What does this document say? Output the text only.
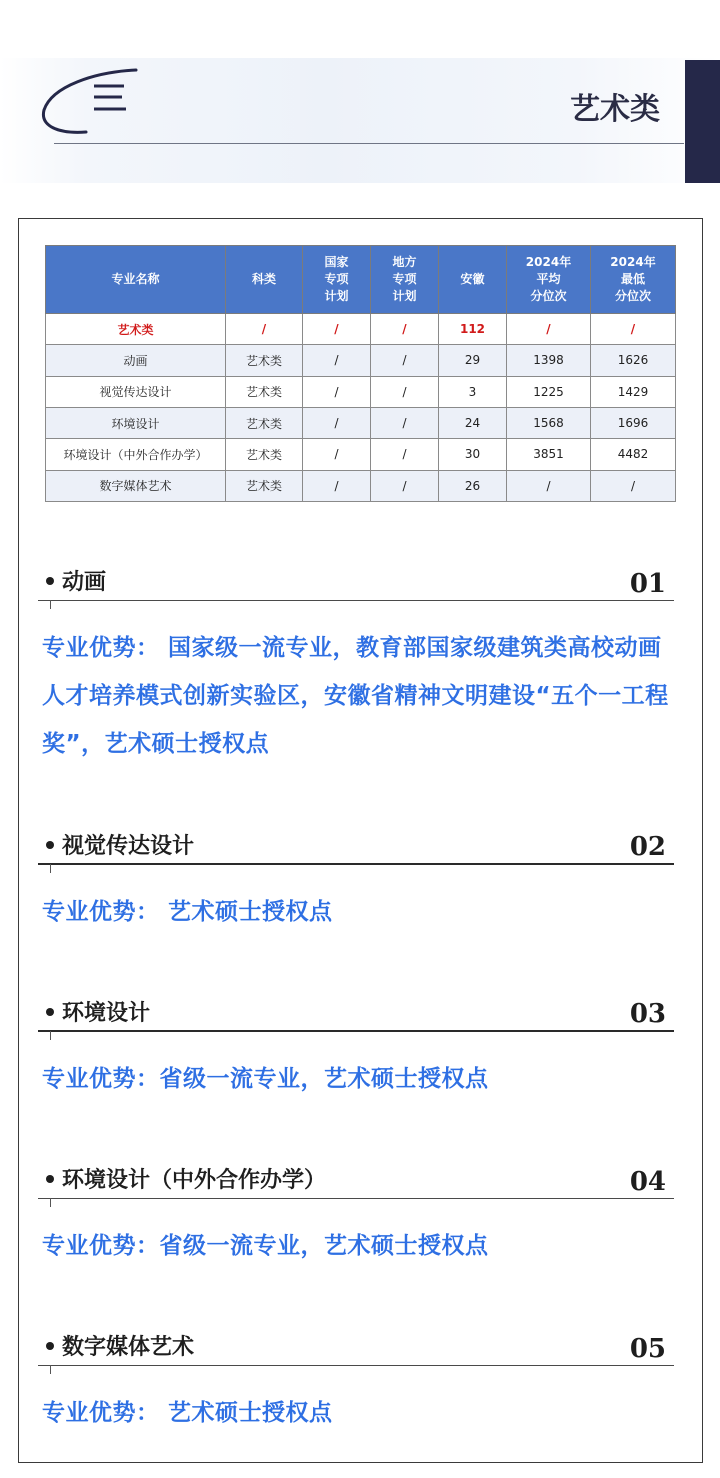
艺术类
专业名称	科类	国家
专项
计划	地方
专项
计划	安徽	2024年
平均
分位次	2024年
最低
分位次
艺术类	/	/	/	112	/	/
动画	艺术类	/	/	29	1398	1626
视觉传达设计	艺术类	/	/	3	1225	1429
环境设计	艺术类	/	/	24	1568	1696
环境设计（中外合作办学）	艺术类	/	/	30	3851	4482
数字媒体艺术	艺术类	/	/	26	/	/
动画	01
专业优势： 国家级一流专业，教育部国家级建筑类高校动画人才培养模式创新实验区，安徽省精神文明建设“五个一工程奖”，艺术硕士授权点
视觉传达设计	02
专业优势： 艺术硕士授权点
环境设计	03
专业优势：省级一流专业，艺术硕士授权点
环境设计（中外合作办学）	04
专业优势：省级一流专业，艺术硕士授权点
数字媒体艺术	05
专业优势： 艺术硕士授权点
